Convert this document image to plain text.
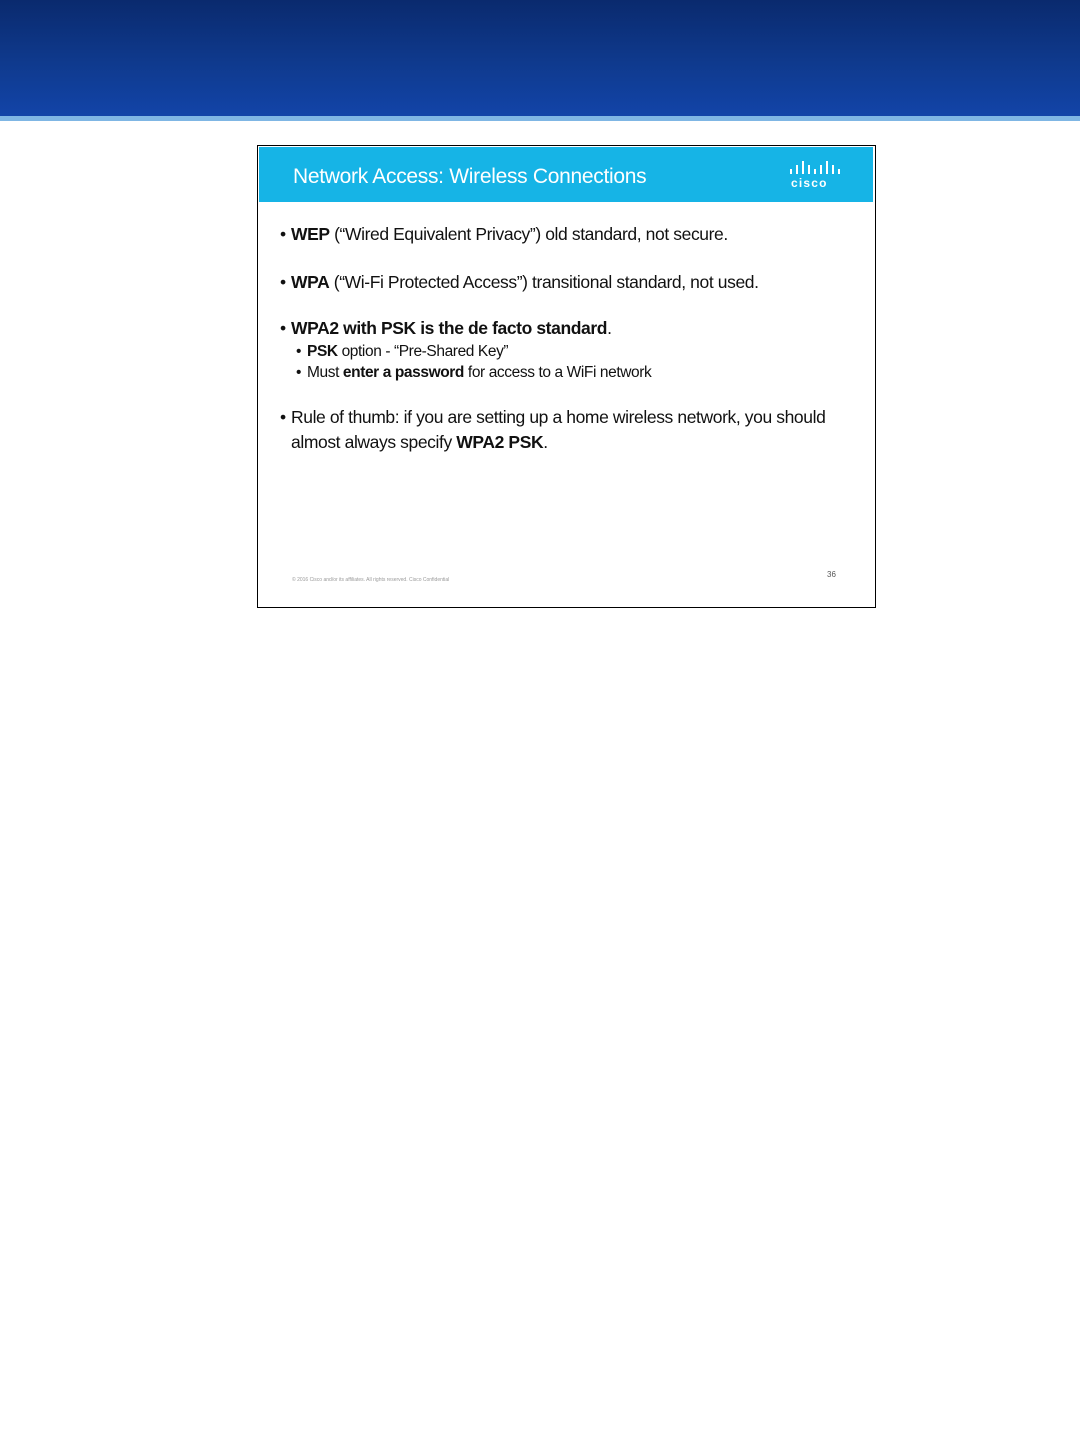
Network Access: Wireless Connections	cisco
• WEP (“Wired Equivalent Privacy”) old standard, not secure.
• WPA (“Wi-Fi Protected Access”) transitional standard, not used.
• WPA2 with PSK is the de facto standard.
• PSK option - “Pre-Shared Key”
• Must enter a password for access to a WiFi network
• Rule of thumb: if you are setting up a home wireless network, you should almost always specify WPA2 PSK.
© 2016 Cisco and/or its affiliates. All rights reserved. Cisco Confidential
36
